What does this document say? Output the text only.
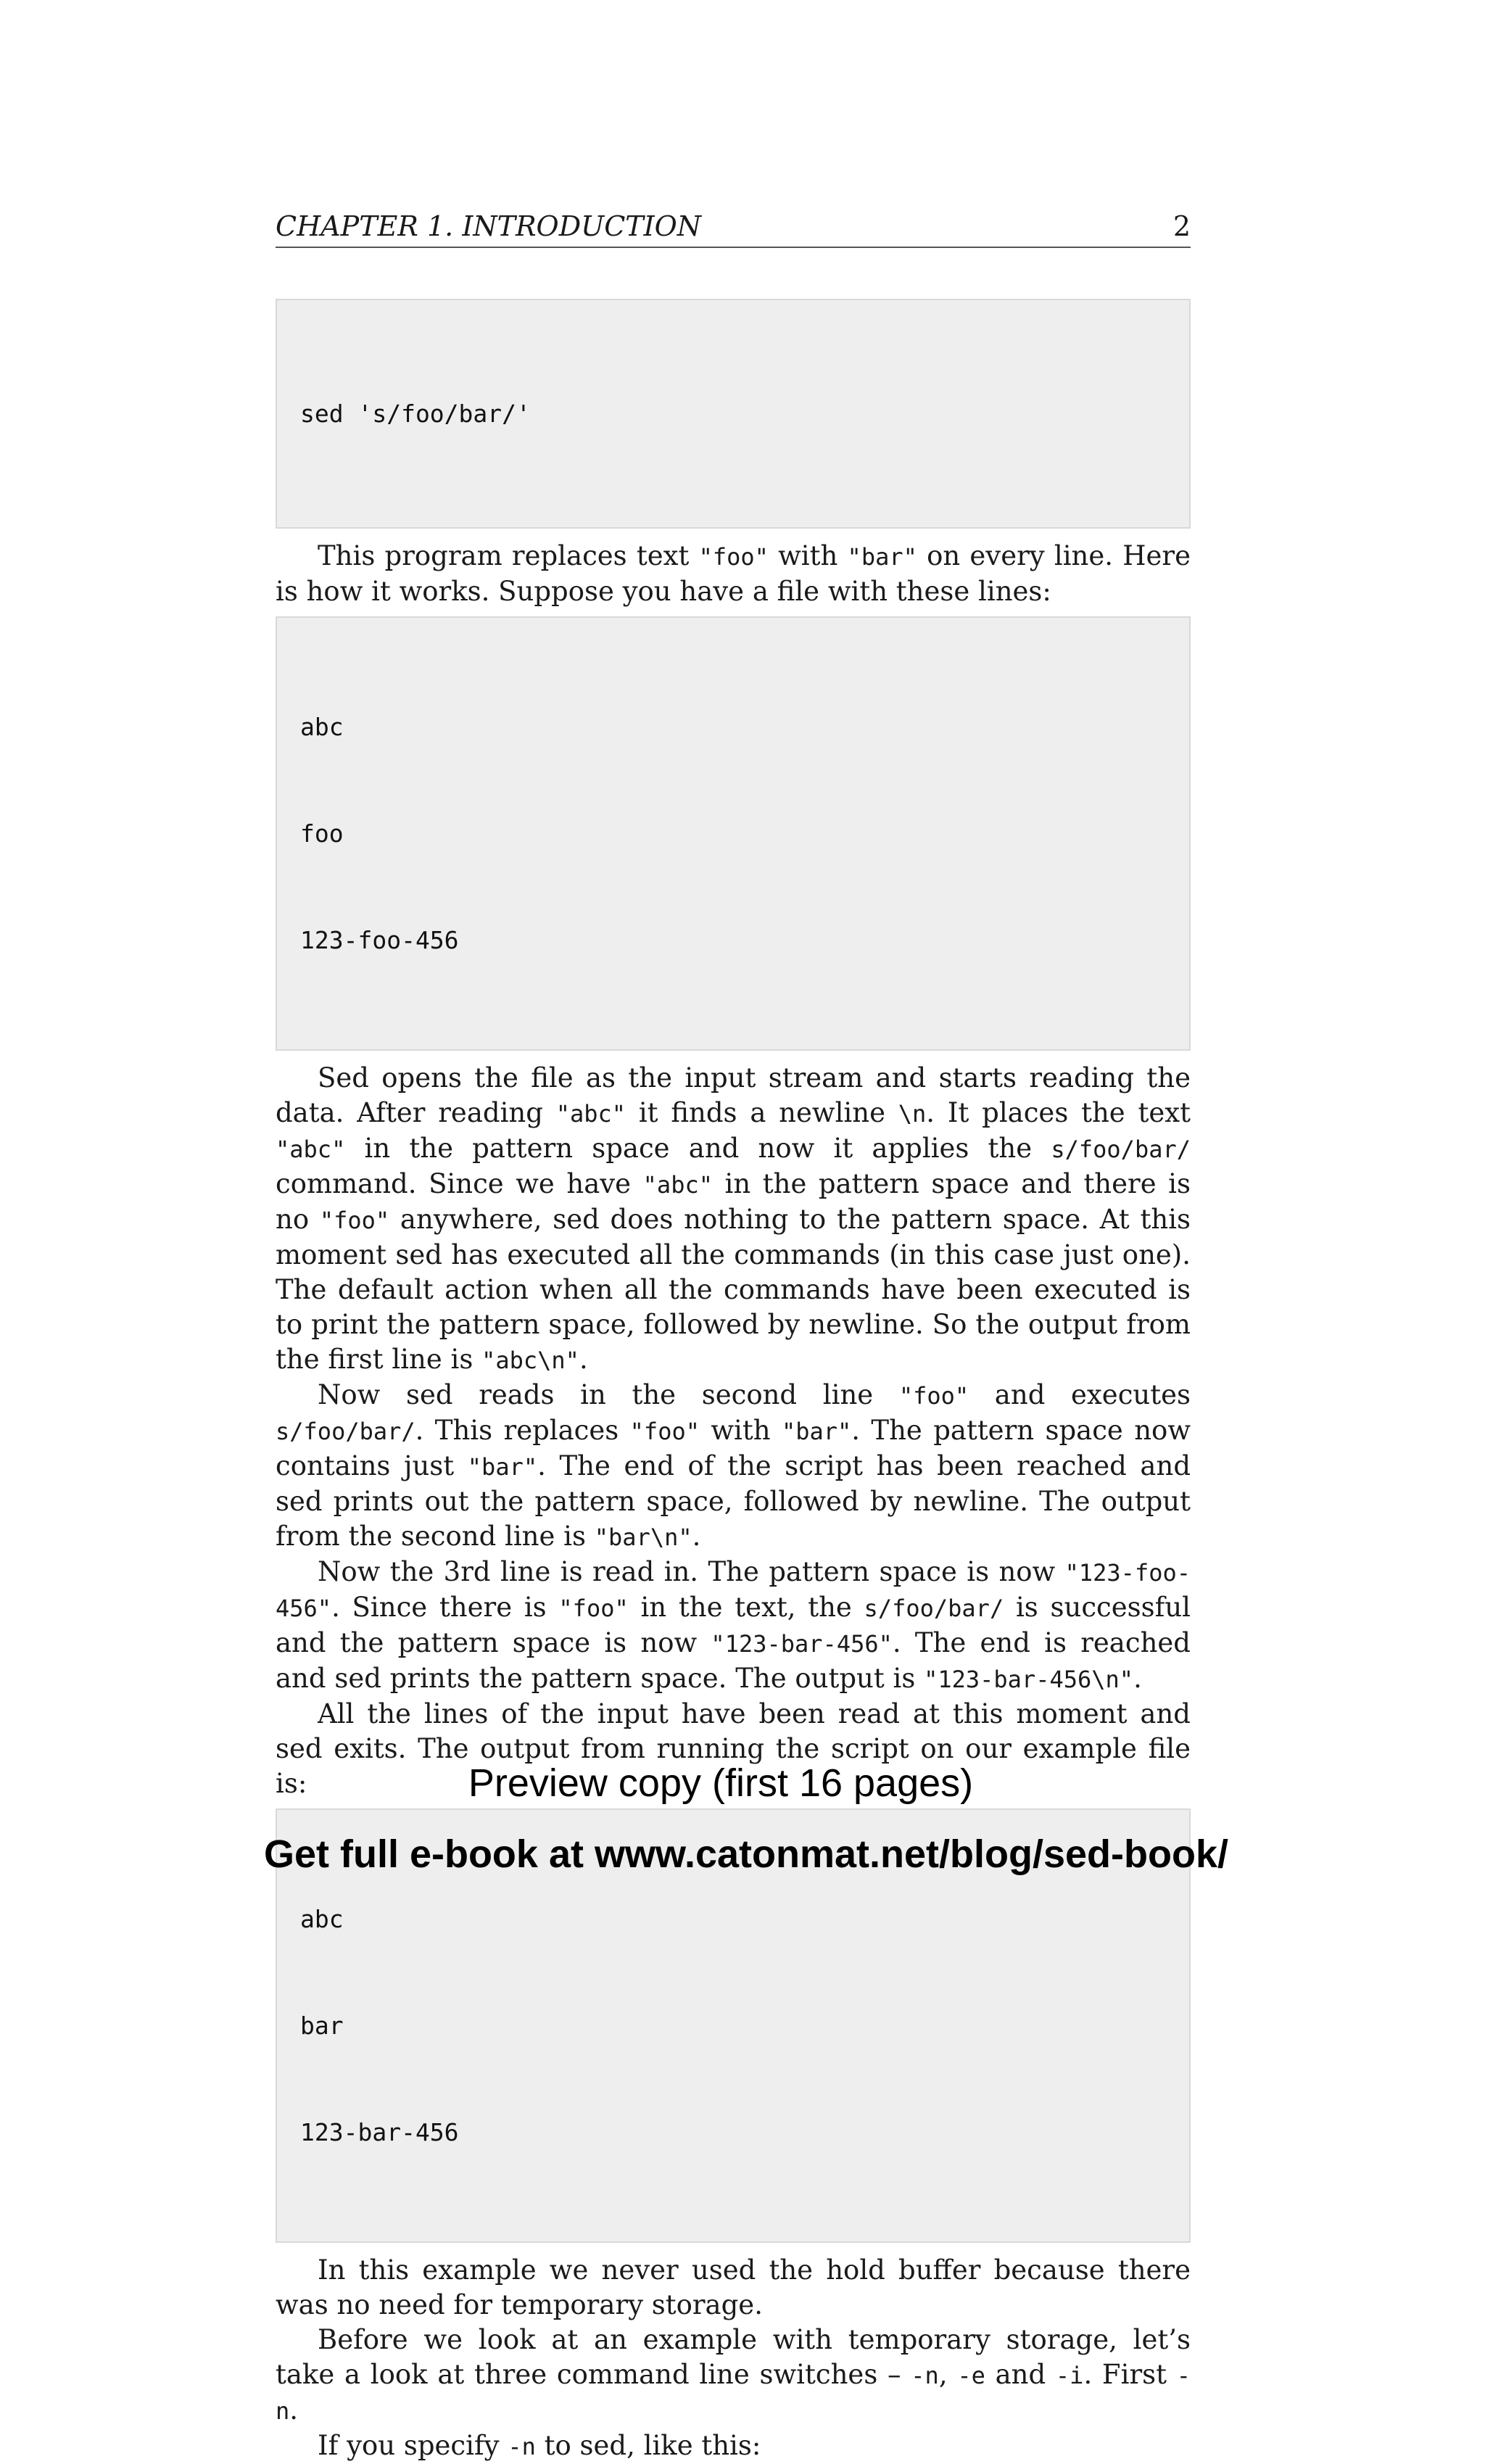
CHAPTER 1. INTRODUCTION	2

sed 's/foo/bar/'

This program replaces text "foo" with "bar" on every line. Here is how it works. Suppose you have a file with these lines:

abc

foo

123-foo-456

Sed opens the file as the input stream and starts reading the data. After reading "abc" it finds a newline \n. It places the text "abc" in the pattern space and now it applies the s/foo/bar/ command. Since we have "abc" in the pattern space and there is no "foo" anywhere, sed does nothing to the pattern space. At this moment sed has executed all the commands (in this case just one). The default action when all the commands have been executed is to print the pattern space, followed by newline. So the output from the first line is "abc\n".

Now sed reads in the second line "foo" and executes s/foo/bar/. This replaces "foo" with "bar". The pattern space now contains just "bar". The end of the script has been reached and sed prints out the pattern space, followed by newline. The output from the second line is "bar\n".

Now the 3rd line is read in. The pattern space is now "123-foo-456". Since there is "foo" in the text, the s/foo/bar/ is successful and the pattern space is now "123-bar-456". The end is reached and sed prints the pattern space. The output is "123-bar-456\n".

All the lines of the input have been read at this moment and sed exits. The output from running the script on our example file is:

abc

bar

123-bar-456

In this example we never used the hold buffer because there was no need for temporary storage.

Before we look at an example with temporary storage, let’s take a look at three command line switches – -n, -e and -i. First -n.

If you specify -n to sed, like this:

Preview copy (first 16 pages)
Get full e-book at www.catonmat.net/blog/sed-book/
